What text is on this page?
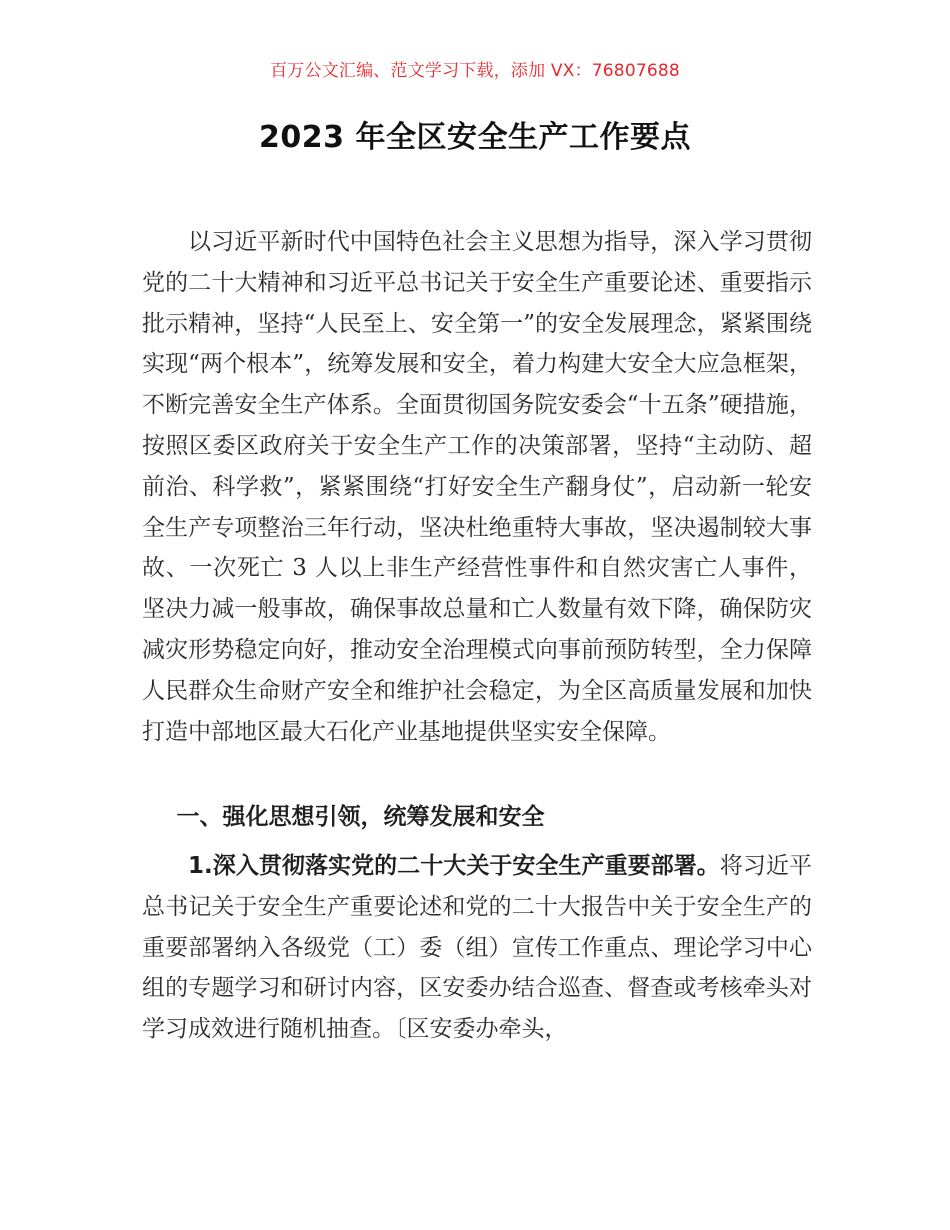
百万公文汇编、范文学习下载，添加 VX：76807688
2023 年全区安全生产工作要点
以习近平新时代中国特色社会主义思想为指导，深入学习贯彻党的二十大精神和习近平总书记关于安全生产重要论述、重要指示批示精神，坚持“人民至上、安全第一”的安全发展理念，紧紧围绕实现“两个根本”，统筹发展和安全，着力构建大安全大应急框架，不断完善安全生产体系。全面贯彻国务院安委会“十五条”硬措施，按照区委区政府关于安全生产工作的决策部署，坚持“主动防、超前治、科学救”，紧紧围绕“打好安全生产翻身仗”，启动新一轮安全生产专项整治三年行动，坚决杜绝重特大事故，坚决遏制较大事故、一次死亡 3 人以上非生产经营性事件和自然灾害亡人事件，坚决力减一般事故，确保事故总量和亡人数量有效下降，确保防灾减灾形势稳定向好，推动安全治理模式向事前预防转型，全力保障人民群众生命财产安全和维护社会稳定，为全区高质量发展和加快打造中部地区最大石化产业基地提供坚实安全保障。
一、强化思想引领，统筹发展和安全
1.深入贯彻落实党的二十大关于安全生产重要部署。将习近平总书记关于安全生产重要论述和党的二十大报告中关于安全生产的重要部署纳入各级党（工）委（组）宣传工作重点、理论学习中心组的专题学习和研讨内容，区安委办结合巡查、督查或考核牵头对学习成效进行随机抽查。〔区安委办牵头，
